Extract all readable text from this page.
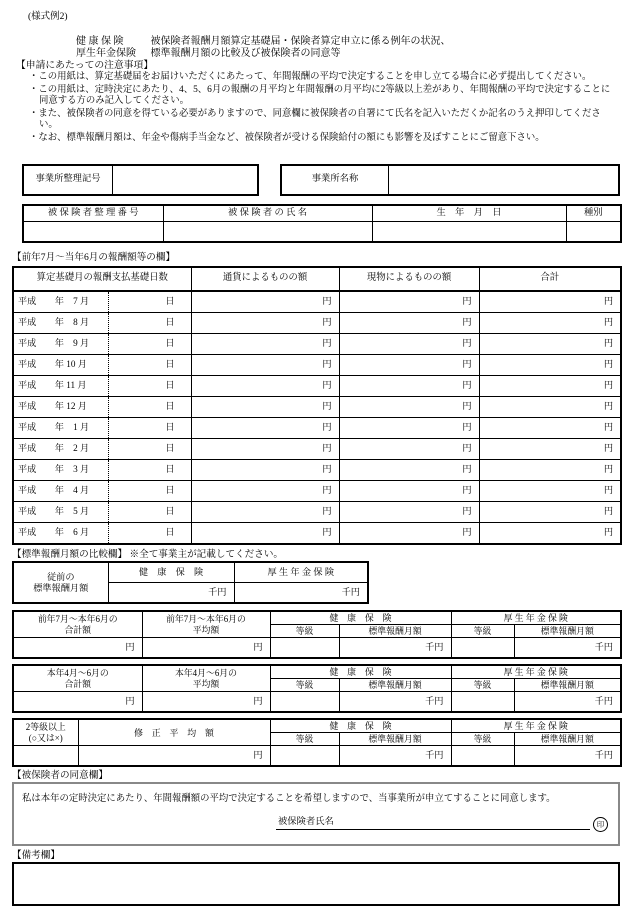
(様式例2)
健 康 保 険	被保険者報酬月額算定基礎届・保険者算定申立に係る例年の状況、
厚生年金保険 標準報酬月額の比較及び被保険者の同意等
【申請にあたっての注意事項】
・この用紙は、算定基礎届をお届けいただくにあたって、年間報酬の平均で決定することを申し立てる場合に必ず提出してください。
・この用紙は、定時決定にあたり、4、5、6月の報酬の月平均と年間報酬の月平均に2等級以上差があり、年間報酬の平均で決定することに同意する方のみ記入してください。
・また、被保険者の同意を得ている必要がありますので、同意欄に被保険者の自署にて氏名を記入いただくか記名のうえ押印してください。
・なお、標準報酬月額は、年金や傷病手当金など、被保険者が受ける保険給付の額にも影響を及ぼすことにご留意下さい。
事業所整理記号	事業所名称
被 保 険 者 整 理 番 号	被 保 険 者 の 氏 名	生　年　月　日	種別

【前年7月〜当年6月の報酬額等の欄】
算定基礎月の報酬支払基礎日数		通貨によるものの額	現物によるものの額	合計
平成　　年　7 月	日	円	円	円
平成　　年　8 月	日	円	円	円
平成　　年　9 月	日	円	円	円
平成　　年 10 月	日	円	円	円
平成　　年 11 月	日	円	円	円
平成　　年 12 月	日	円	円	円
平成　　年　1 月	日	円	円	円
平成　　年　2 月	日	円	円	円
平成　　年　3 月	日	円	円	円
平成　　年　4 月	日	円	円	円
平成　　年　5 月	日	円	円	円
平成　　年　6 月	日	円	円	円
【標準報酬月額の比較欄】 ※全て事業主が記載してください。
従前の
標準報酬月額	健　康　保　険	厚 生 年 金 保 険
	千円	千円
前年7月〜本年6月の
合計額	前年7月〜本年6月の
平均額	健　康　保　険		厚 生 年 金 保 険	
		等級	標準報酬月額	等級	標準報酬月額
円	円		千円		千円
本年4月〜6月の
合計額	本年4月〜6月の
平均額	健　康　保　険		厚 生 年 金 保 険	
		等級	標準報酬月額	等級	標準報酬月額
円	円		千円		千円
2等級以上
(○又は×)	修　正　平　均　額	健　康　保　険		厚 生 年 金 保 険	
		等級	標準報酬月額	等級	標準報酬月額
	円		千円		千円
【被保険者の同意欄】
私は本年の定時決定にあたり、年間報酬額の平均で決定することを希望しますので、当事業所が申立てすることに同意します。
被保険者氏名	印
【備考欄】
